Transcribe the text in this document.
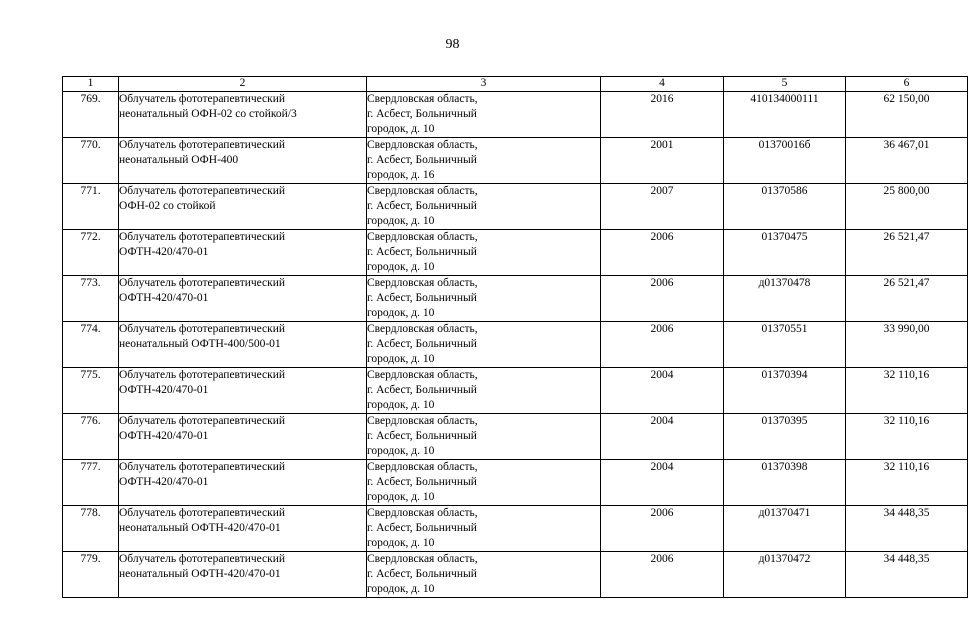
98
1	2	3	4	5	6
769.	Облучатель фототерапевтический
неонатальный ОФН-02 со стойкой/3	Свердловская область,
г. Асбест, Больничный
городок, д. 10	2016	410134000111	62 150,00
770.	Облучатель фототерапевтический
неонатальный ОФН-400	Свердловская область,
г. Асбест, Больничный
городок, д. 16	2001	01370016б	36 467,01
771.	Облучатель фототерапевтический
ОФН-02 со стойкой	Свердловская область,
г. Асбест, Больничный
городок, д. 10	2007	01370586	25 800,00
772.	Облучатель фототерапевтический
ОФТН-420/470-01	Свердловская область,
г. Асбест, Больничный
городок, д. 10	2006	01370475	26 521,47
773.	Облучатель фототерапевтический
ОФТН-420/470-01	Свердловская область,
г. Асбест, Больничный
городок, д. 10	2006	д01370478	26 521,47
774.	Облучатель фототерапевтический
неонатальный ОФТН-400/500-01	Свердловская область,
г. Асбест, Больничный
городок, д. 10	2006	01370551	33 990,00
775.	Облучатель фототерапевтический
ОФТН-420/470-01	Свердловская область,
г. Асбест, Больничный
городок, д. 10	2004	01370394	32 110,16
776.	Облучатель фототерапевтический
ОФТН-420/470-01	Свердловская область,
г. Асбест, Больничный
городок, д. 10	2004	01370395	32 110,16
777.	Облучатель фототерапевтический
ОФТН-420/470-01	Свердловская область,
г. Асбест, Больничный
городок, д. 10	2004	01370398	32 110,16
778.	Облучатель фототерапевтический
неонатальный ОФТН-420/470-01	Свердловская область,
г. Асбест, Больничный
городок, д. 10	2006	д01370471	34 448,35
779.	Облучатель фототерапевтический
неонатальный ОФТН-420/470-01	Свердловская область,
г. Асбест, Больничный
городок, д. 10	2006	д01370472	34 448,35
